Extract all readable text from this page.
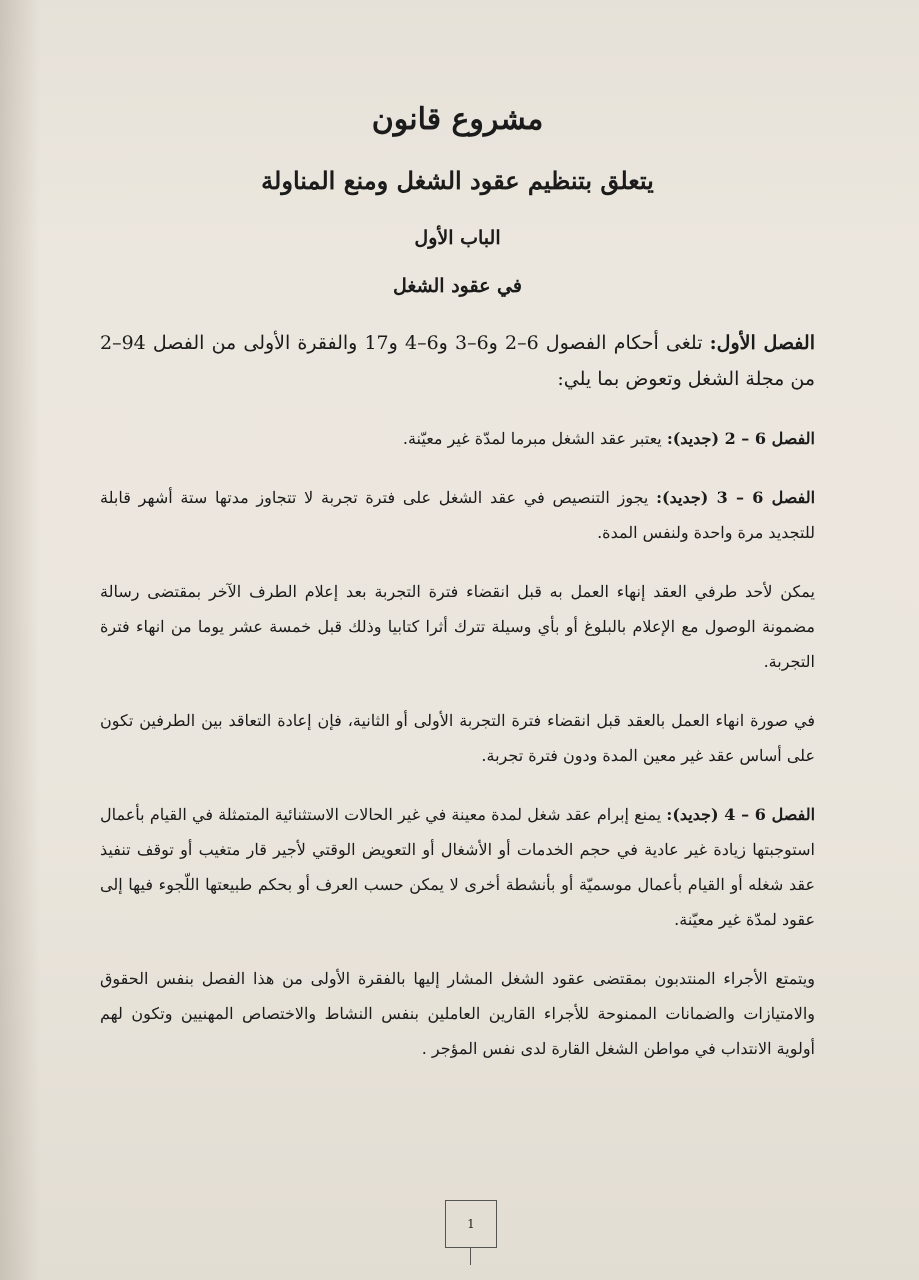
مشروع قانون
يتعلق بتنظيم عقود الشغل ومنع المناولة
الباب الأول
في عقود الشغل

الفصل الأول: تلغى أحكام الفصول 6–2 و6–3 و6–4 و17 والفقرة الأولى من الفصل 94–2 من مجلة الشغل وتعوض بما يلي:

الفصل 6 – 2 (جديد): يعتبر عقد الشغل مبرما لمدّة غير معيّنة.

الفصل 6 – 3 (جديد): يجوز التنصيص في عقد الشغل على فترة تجربة لا تتجاوز مدتها ستة أشهر قابلة للتجديد مرة واحدة ولنفس المدة.

يمكن لأحد طرفي العقد إنهاء العمل به قبل انقضاء فترة التجربة بعد إعلام الطرف الآخر بمقتضى رسالة مضمونة الوصول مع الإعلام بالبلوغ أو بأي وسيلة تترك أثرا كتابيا وذلك قبل خمسة عشر يوما من انهاء فترة التجربة.

في صورة انهاء العمل بالعقد قبل انقضاء فترة التجربة الأولى أو الثانية، فإن إعادة التعاقد بين الطرفين تكون على أساس عقد غير معين المدة ودون فترة تجربة.

الفصل 6 – 4 (جديد): يمنع إبرام عقد شغل لمدة معينة في غير الحالات الاستثنائية المتمثلة في القيام بأعمال استوجبتها زيادة غير عادية في حجم الخدمات أو الأشغال أو التعويض الوقتي لأجير قار متغيب أو توقف تنفيذ عقد شغله أو القيام بأعمال موسميّة أو بأنشطة أخرى لا يمكن حسب العرف أو بحكم طبيعتها اللّجوء فيها إلى عقود لمدّة غير معيّنة.

ويتمتع الأجراء المنتدبون بمقتضى عقود الشغل المشار إليها بالفقرة الأولى من هذا الفصل بنفس الحقوق والامتيازات والضمانات الممنوحة للأجراء القارين العاملين بنفس النشاط والاختصاص المهنيين وتكون لهم أولوية الانتداب في مواطن الشغل القارة لدى نفس المؤجر .

1
